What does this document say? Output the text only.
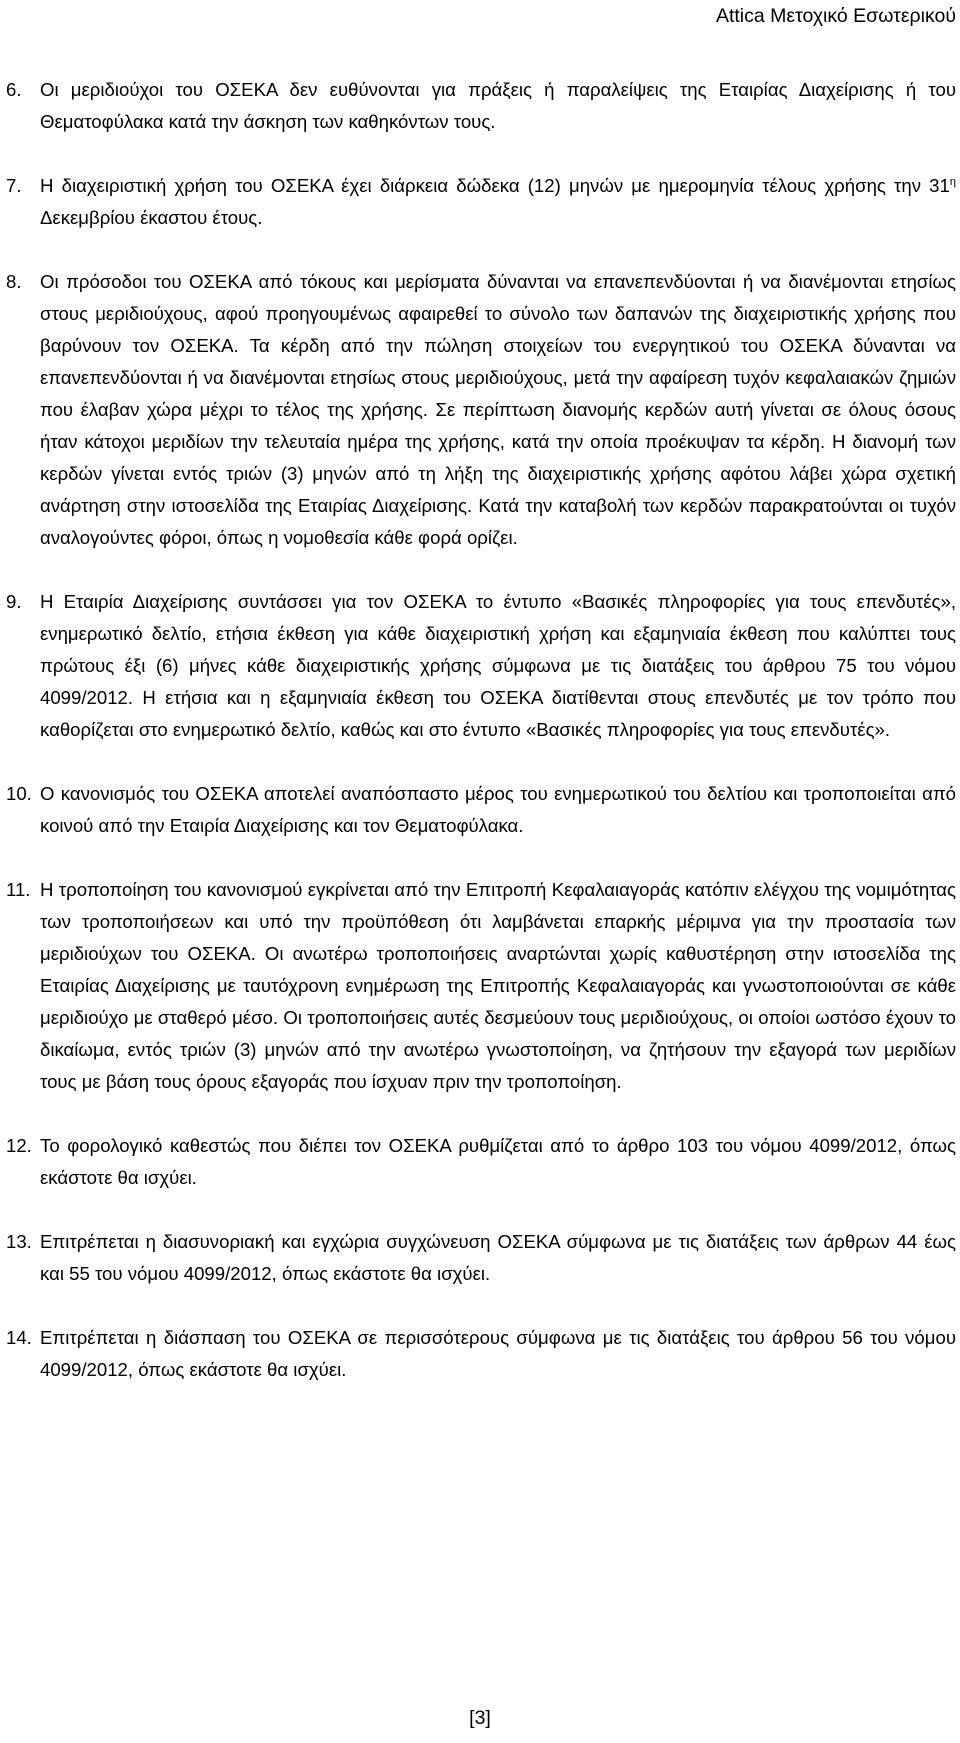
Attica Μετοχικό Εσωτερικού
6. Οι μεριδιούχοι του ΟΣΕΚΑ δεν ευθύνονται για πράξεις ή παραλείψεις της Εταιρίας Διαχείρισης ή του Θεματοφύλακα κατά την άσκηση των καθηκόντων τους.
7. Η διαχειριστική χρήση του ΟΣΕΚΑ έχει διάρκεια δώδεκα (12) μηνών με ημερομηνία τέλους χρήσης την $31^\eta$ Δεκεμβρίου έκαστου έτους.
8. Οι πρόσοδοι του ΟΣΕΚΑ από τόκους και μερίσματα δύνανται να επανεπενδύονται ή να διανέμονται ετησίως στους μεριδιούχους, αφού προηγουμένως αφαιρεθεί το σύνολο των δαπανών της διαχειριστικής χρήσης που βαρύνουν τον ΟΣΕΚΑ. Τα κέρδη από την πώληση στοιχείων του ενεργητικού του ΟΣΕΚΑ δύνανται να επανεπενδύονται ή να διανέμονται ετησίως στους μεριδιούχους, μετά την αφαίρεση τυχόν κεφαλαιακών ζημιών που έλαβαν χώρα μέχρι το τέλος της χρήσης. Σε περίπτωση διανομής κερδών αυτή γίνεται σε όλους όσους ήταν κάτοχοι μεριδίων την τελευταία ημέρα της χρήσης, κατά την οποία προέκυψαν τα κέρδη. Η διανομή των κερδών γίνεται εντός τριών (3) μηνών από τη λήξη της διαχειριστικής χρήσης αφότου λάβει χώρα σχετική ανάρτηση στην ιστοσελίδα της Εταιρίας Διαχείρισης. Κατά την καταβολή των κερδών παρακρατούνται οι τυχόν αναλογούντες φόροι, όπως η νομοθεσία κάθε φορά ορίζει.
9. Η Εταιρία Διαχείρισης συντάσσει για τον ΟΣΕΚΑ το έντυπο «Βασικές πληροφορίες για τους επενδυτές», ενημερωτικό δελτίο, ετήσια έκθεση για κάθε διαχειριστική χρήση και εξαμηνιαία έκθεση που καλύπτει τους πρώτους έξι (6) μήνες κάθε διαχειριστικής χρήσης σύμφωνα με τις διατάξεις του άρθρου 75 του νόμου 4099/2012. Η ετήσια και η εξαμηνιαία έκθεση του ΟΣΕΚΑ διατίθενται στους επενδυτές με τον τρόπο που καθορίζεται στο ενημερωτικό δελτίο, καθώς και στο έντυπο «Βασικές πληροφορίες για τους επενδυτές».
10. Ο κανονισμός του ΟΣΕΚΑ αποτελεί αναπόσπαστο μέρος του ενημερωτικού του δελτίου και τροποποιείται από κοινού από την Εταιρία Διαχείρισης και τον Θεματοφύλακα.
11. Η τροποποίηση του κανονισμού εγκρίνεται από την Επιτροπή Κεφαλαιαγοράς κατόπιν ελέγχου της νομιμότητας των τροποποιήσεων και υπό την προϋπόθεση ότι λαμβάνεται επαρκής μέριμνα για την προστασία των μεριδιούχων του ΟΣΕΚΑ. Οι ανωτέρω τροποποιήσεις αναρτώνται χωρίς καθυστέρηση στην ιστοσελίδα της Εταιρίας Διαχείρισης με ταυτόχρονη ενημέρωση της Επιτροπής Κεφαλαιαγοράς και γνωστοποιούνται σε κάθε μεριδιούχο με σταθερό μέσο. Οι τροποποιήσεις αυτές δεσμεύουν τους μεριδιούχους, οι οποίοι ωστόσο έχουν το δικαίωμα, εντός τριών (3) μηνών από την ανωτέρω γνωστοποίηση, να ζητήσουν την εξαγορά των μεριδίων τους με βάση τους όρους εξαγοράς που ίσχυαν πριν την τροποποίηση.
12. Το φορολογικό καθεστώς που διέπει τον ΟΣΕΚΑ ρυθμίζεται από το άρθρο 103 του νόμου 4099/2012, όπως εκάστοτε θα ισχύει.
13. Επιτρέπεται η διασυνοριακή και εγχώρια συγχώνευση ΟΣΕΚΑ σύμφωνα με τις διατάξεις των άρθρων 44 έως και 55 του νόμου 4099/2012, όπως εκάστοτε θα ισχύει.
14. Επιτρέπεται η διάσπαση του ΟΣΕΚΑ σε περισσότερους σύμφωνα με τις διατάξεις του άρθρου 56 του νόμου 4099/2012, όπως εκάστοτε θα ισχύει.
[3]
